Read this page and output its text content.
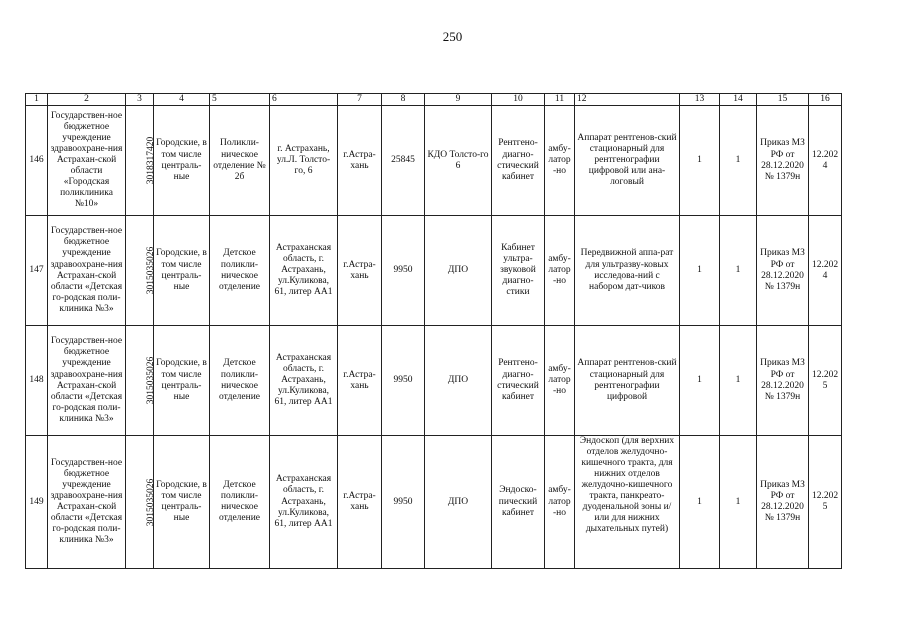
250
1	2	3	4	5	6	7	8	9	10	11	12	13	14	15	16
146	Государствен-ное бюджетное учреждение здравоохране-ния Астрахан-ской области «Городская поликлиника №10»	3018317420	Городские, в том числе централь-ные	Поликли-ническое отделение № 2б	г. Астрахань, ул.Л. Толсто-го, 6	г.Астра-хань	25845	КДО Толсто-го 6	Рентгено-диагно-стический кабинет	амбу-латор-но	Аппарат рентгенов-ский стационарный для рентгенографии цифровой или ана-логовый	1	1	Приказ МЗ РФ от 28.12.2020 № 1379н	12.2024
147	Государствен-ное бюджетное учреждение здравоохране-ния Астрахан-ской области «Детская го-родская поли-клиника №3»	3015035026	Городские, в том числе централь-ные	Детское поликли-ническое отделение	Астраханская область, г. Астрахань, ул.Куликова, 61, литер АА1	г.Астра-хань	9950	ДПО	Кабинет ультра-звуковой диагно-стики	амбу-латор-но	Передвижной аппа-рат для ультразву-ковых исследова-ний с набором дат-чиков	1	1	Приказ МЗ РФ от 28.12.2020 № 1379н	12.2024
148	Государствен-ное бюджетное учреждение здравоохране-ния Астрахан-ской области «Детская го-родская поли-клиника №3»	3015035026	Городские, в том числе централь-ные	Детское поликли-ническое отделение	Астраханская область, г. Астрахань, ул.Куликова, 61, литер АА1	г.Астра-хань	9950	ДПО	Рентгено-диагно-стический кабинет	амбу-латор-но	Аппарат рентгенов-ский стационарный для рентгенографии цифровой	1	1	Приказ МЗ РФ от 28.12.2020 № 1379н	12.2025
149	Государствен-ное бюджетное учреждение здравоохране-ния Астрахан-ской области «Детская го-родская поли-клиника №3»	3015035026	Городские, в том числе централь-ные	Детское поликли-ническое отделение	Астраханская область, г. Астрахань, ул.Куликова, 61, литер АА1	г.Астра-хань	9950	ДПО	Эндоско-пический кабинет	амбу-латор-но	Эндоскоп (для верхних отделов желудочно-кишечного тракта, для нижних отделов желудочно-кишечного тракта, панкреато-дуоденальной зоны и/или для нижних дыхательных путей)	1	1	Приказ МЗ РФ от 28.12.2020 № 1379н	12.2025
